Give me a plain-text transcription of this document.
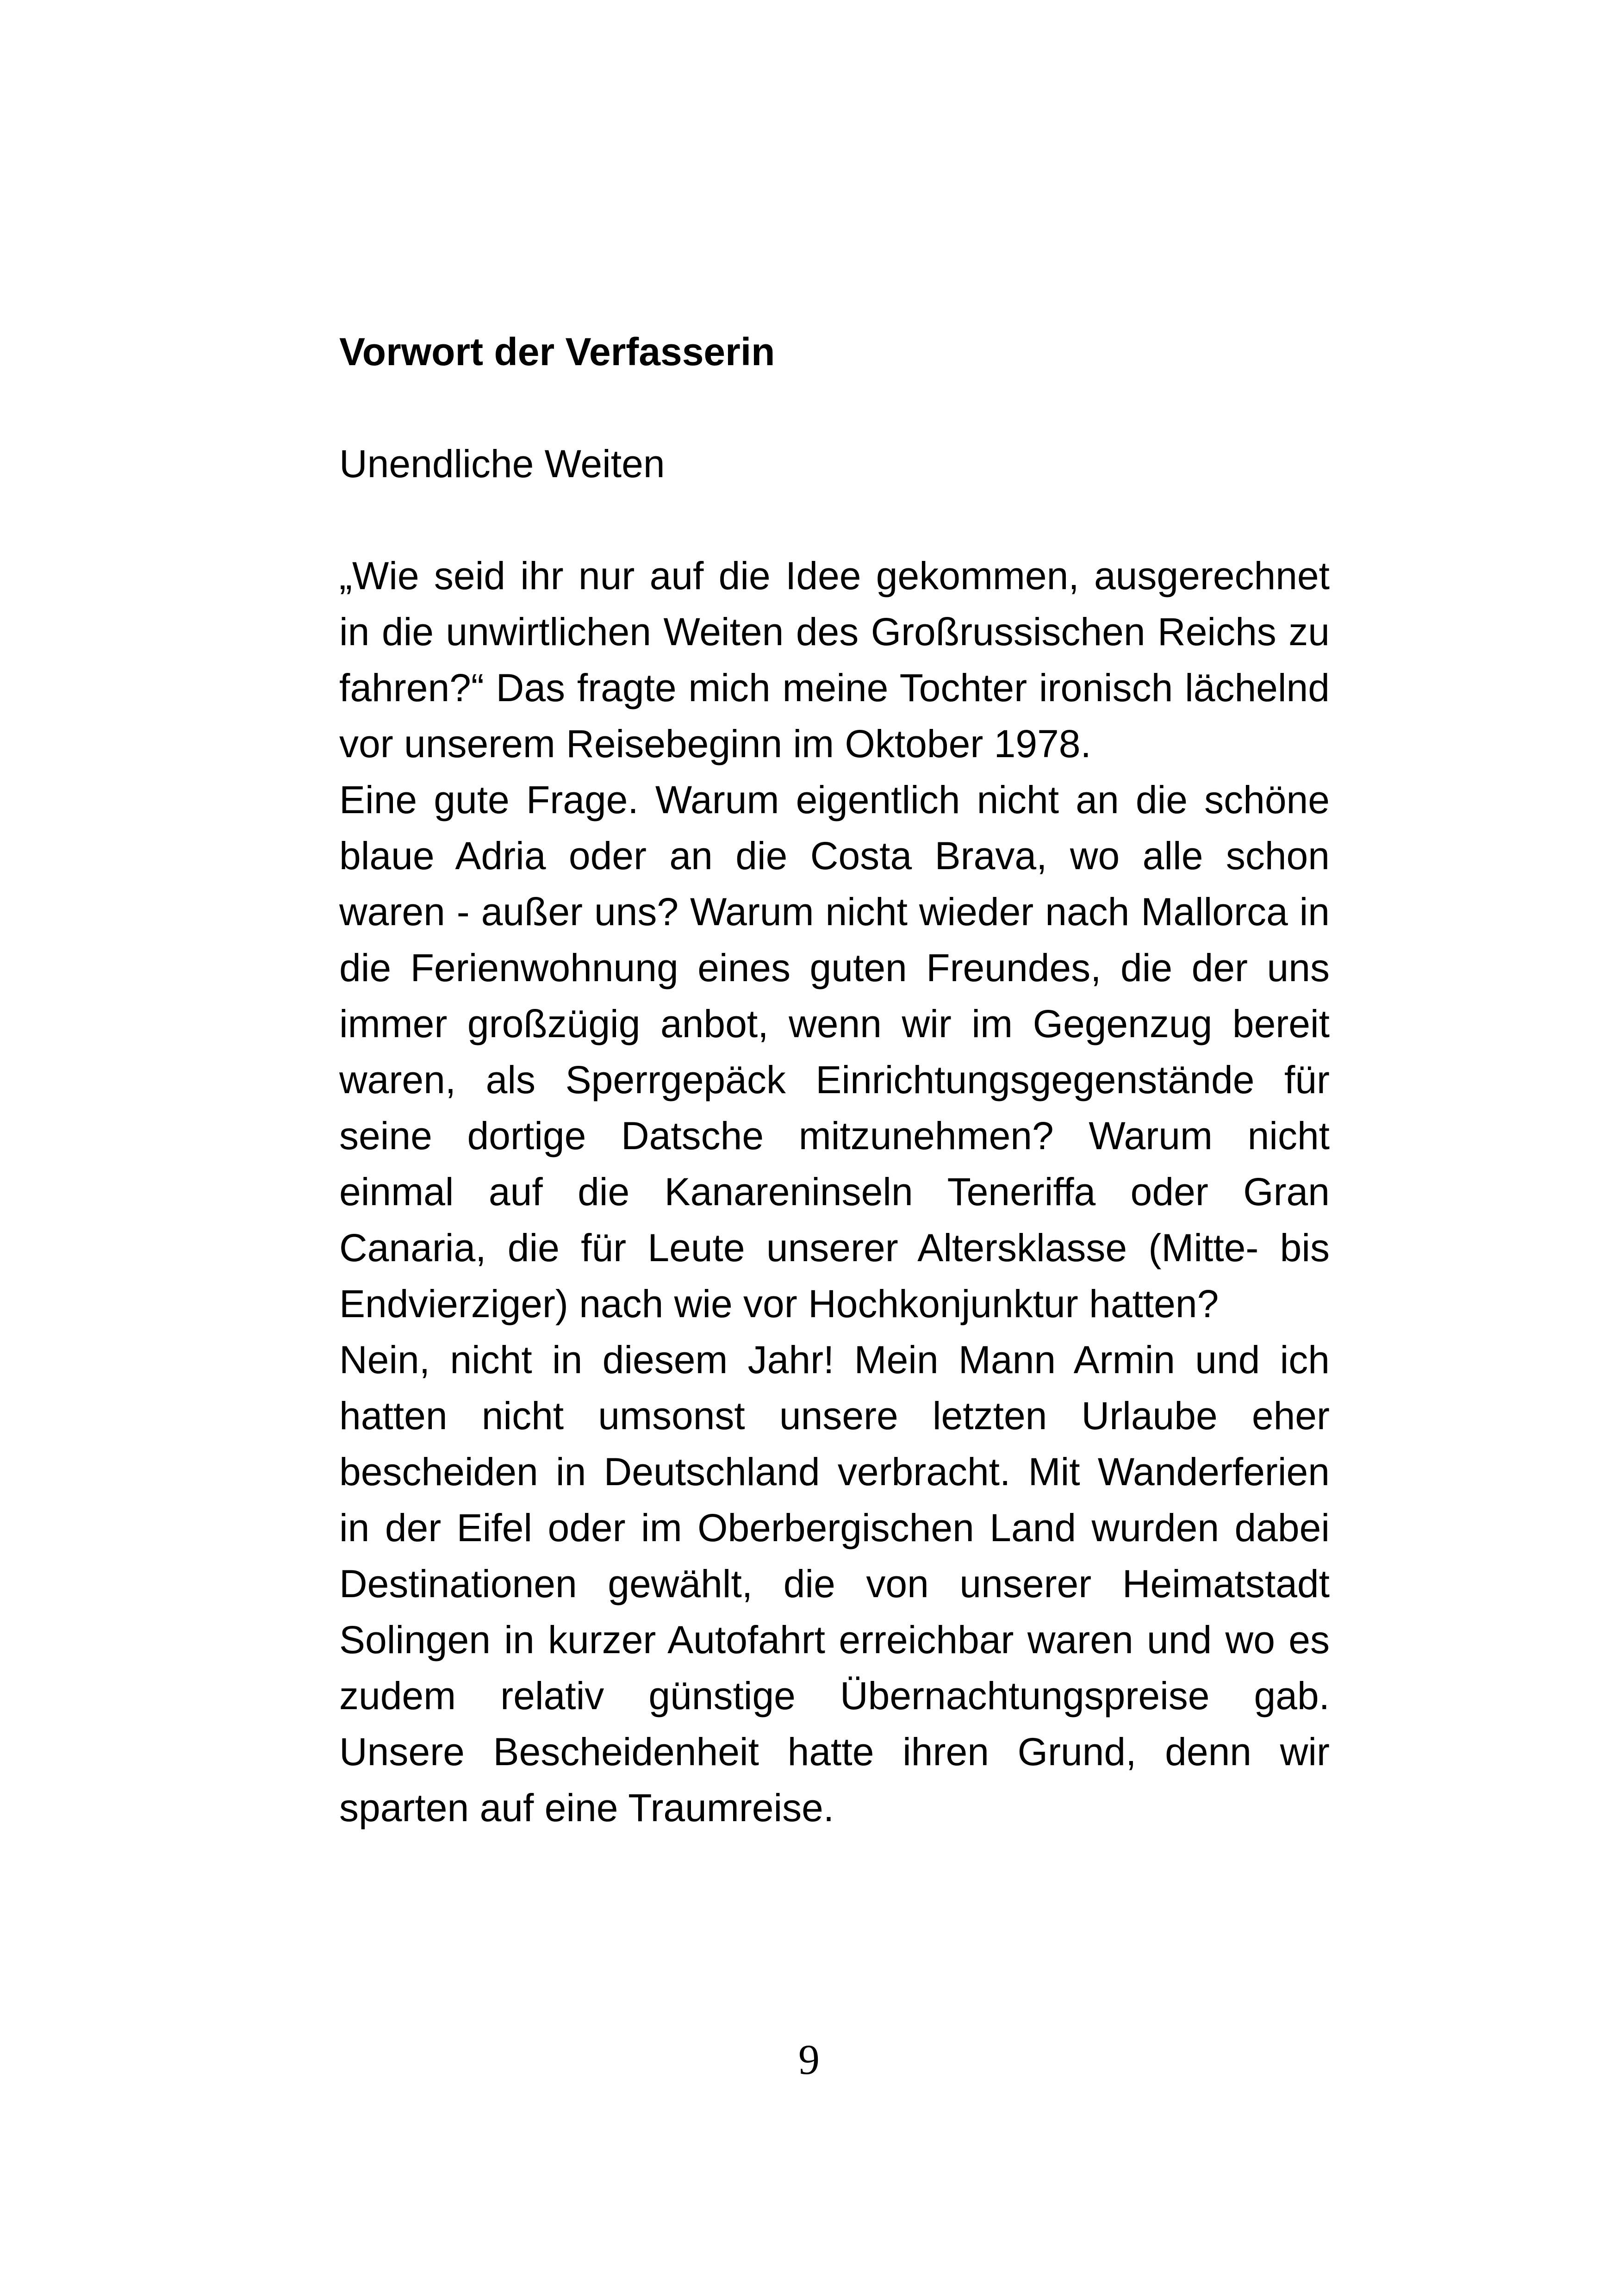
Vorwort der Verfasserin
Unendliche Weiten

„Wie seid ihr nur auf die Idee gekommen, ausgerechnet in die unwirtlichen Weiten des Großrussischen Reichs zu fahren?“ Das fragte mich meine Tochter ironisch lächelnd vor unserem Reisebeginn im Oktober 1978.

Eine gute Frage. Warum eigentlich nicht an die schöne blaue Adria oder an die Costa Brava, wo alle schon waren - außer uns? Warum nicht wieder nach Mallorca in die Ferienwohnung eines guten Freundes, die der uns immer großzügig anbot, wenn wir im Gegenzug bereit waren, als Sperrgepäck Einrichtungsgegenstände für seine dortige Datsche mitzunehmen? Warum nicht einmal auf die Kanareninseln Teneriffa oder Gran Canaria, die für Leute unserer Altersklasse (Mitte- bis Endvierziger) nach wie vor Hochkonjunktur hatten?

Nein, nicht in diesem Jahr! Mein Mann Armin und ich hatten nicht umsonst unsere letzten Urlaube eher bescheiden in Deutschland verbracht. Mit Wanderferien in der Eifel oder im Oberbergischen Land wurden dabei Destinationen gewählt, die von unserer Heimatstadt Solingen in kurzer Autofahrt erreichbar waren und wo es zudem relativ günstige Übernachtungspreise gab. Unsere Bescheidenheit hatte ihren Grund, denn wir sparten auf eine Traumreise.

9
